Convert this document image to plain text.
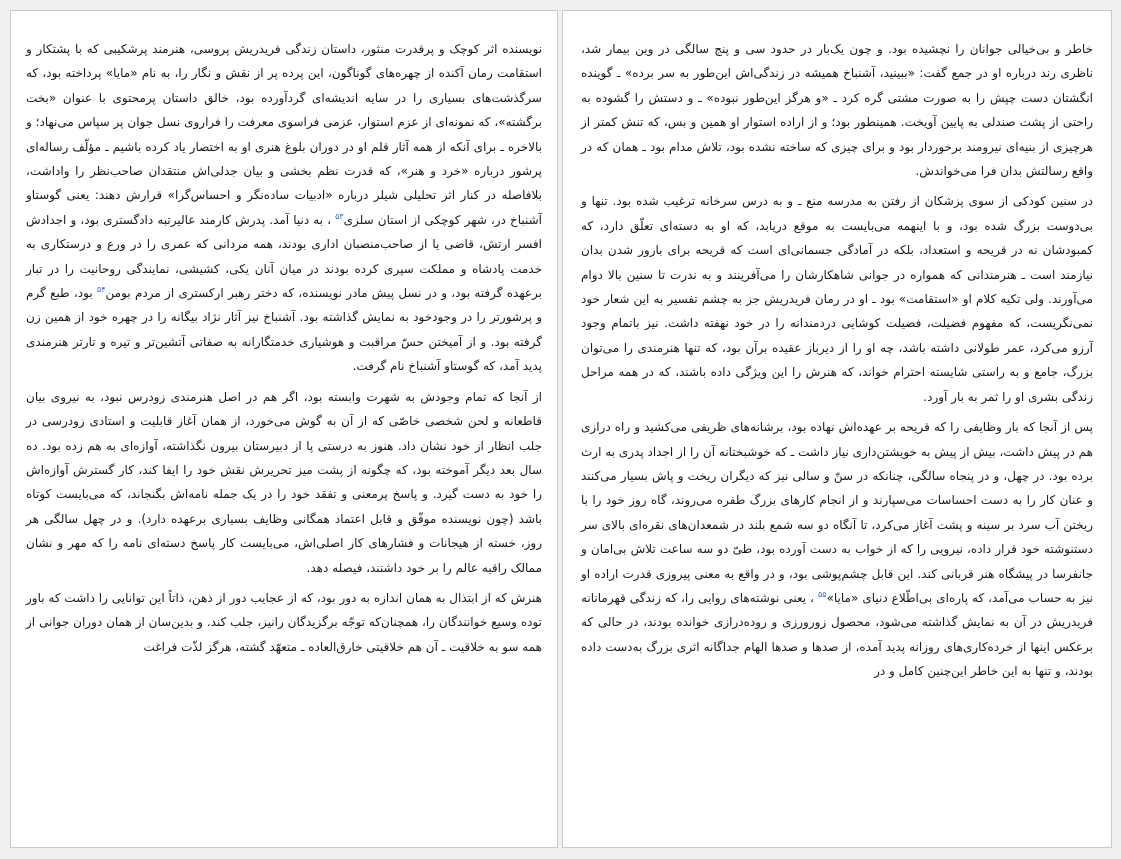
خاطر و بی‌خیالی جوانان را نچشیده بود. و چون یک‌بار در حدود سی و پنج سالگی در وین بیمار شد، ناظری رند درباره او در جمع گفت: «ببینید، آشنباخ همیشه در زندگی‌اش این‌طور به سر برده» ـ گوینده انگشتان دست چپش را به صورت مشتی گره کرد ـ «و هرگز این‌طور نبوده» ـ و دستش را گشوده به راحتی از پشت صندلی به پایین آویخت. همینطور بود؛ و از اراده استوار او همین و بس، که تنش کمتر از هرچیزی از بنیه‌ای نیرومند برخوردار بود و برای چیزی که ساخته نشده بود، تلاش مدام بود ـ همان که در واقع رسالتش بدان فرا می‌خواندش.

در سنین کودکی از سوی پزشکان از رفتن به مدرسه منع ـ و به درس سرخانه ترغیب شده بود. تنها و بی‌دوست بزرگ شده بود، و با اینهمه می‌بایست به موقع دریابد، که او به دسته‌ای تعلّق دارد، که کمبودشان نه در قریحه و استعداد، بلکه در آمادگی جسمانی‌ای است که قریحه برای بارور شدن بدان نیازمند است ـ هنرمندانی که همواره در جوانی شاهکارشان را می‌آفرینند و به ندرت تا سنین بالا دوام می‌آورند. ولی تکیه کلام او «استقامت» بود ـ او در رمان فریدریش جز به چشم تفسیر به این شعار خود نمی‌نگریست، که مفهوم فضیلت، فضیلت کوشایی دردمندانه را در خود نهفته داشت. نیز باتمام وجود آرزو می‌کرد، عمر طولانی داشته باشد، چه او را از دیرباز عقیده برآن بود، که تنها هنرمندی را می‌توان بزرگ، جامع و به راستی شایسته احترام خواند، که هنرش را این ویژگی داده باشند، که در همه مراحل زندگی بشری او را ثمر به بار آورد.

پس از آنجا که بار وظایفی را که قریحه بر عهده‌اش نهاده بود، برشانه‌های ظریفی می‌کشید و راه درازی هم در پیش داشت، بیش از پیش به خویشتن‌داری نیاز داشت ـ که خوشبختانه آن را از اجداد پدری به ارث برده بود. در چهل، و در پنجاه سالگی، چنانکه در سنّ و سالی نیز که دیگران ریخت و پاش بسیار می‌کنند و عنان کار را به دست احساسات می‌سپارند و از انجام کارهای بزرگ طفره می‌روند، گاه روز خود را با ریختن آب سرد بر سینه و پشت آغاز می‌کرد، تا آنگاه دو سه شمع بلند در شمعدان‌های نقره‌ای بالای سر دستنوشته خود قرار داده، نیرویی را که از خواب به دست آورده بود، طیّ دو سه ساعت تلاش بی‌امان و جانفرسا در پیشگاه هنر قربانی کند. این قابل چشم‌پوشی بود، و در واقع به معنی پیروزی قدرت اراده او نیز به حساب می‌آمد، که پاره‌ای بی‌اطّلاع دنیای «مایا»$^{۵۵}$ ، یعنی نوشته‌های روایی را، که زندگی قهرمانانه فریدریش در آن به نمایش گذاشته می‌شود، محصول زورورزی و روده‌درازی خوانده بودند، در حالی که برعکس اینها از خرده‌کاری‌های روزانه پدید آمده، از صدها و صدها الهام جداگانه اثری بزرگ به‌دست داده بودند، و تنها به این خاطر این‌چنین کامل و در

نویسنده اثر کوچک و پرقدرت منثور، داستان زندگی فریدریش پروسی، هنرمند پرشکیبی که با پشتکار و استقامت رمان آکنده از چهره‌های گوناگون، این پرده پر از نقش و نگار را، به نام «مایا» پرداخته بود، که سرگذشت‌های بسیاری را در سایه اندیشه‌ای گردآورده بود، خالق داستان پرمحتوی با عنوان «بخت برگشته»، که نمونه‌ای از عزم استوار، عزمی فراسوی معرفت را فراروی نسل جوان پر سپاس می‌نهاد؛ و بالاخره ـ برای آنکه از همه آثار قلم او در دوران بلوغ هنری او به اختصار یاد کرده باشیم ـ مؤلّف رساله‌ای پرشور درباره «خرد و هنر»، که قدرت نظم بخشی و بیان جدلی‌اش منتقدان صاحب‌نظر را واداشت، بلافاصله در کنار اثر تحلیلی شیلر درباره «ادبیات ساده‌نگر و احساس‌گرا» قرارش دهند: یعنی گوستاو آشنباخ در، شهر کوچکی از استان سلزی$^{۵۳}$ ، به دنیا آمد. پدرش کارمند عالیرتبه دادگستری بود، و اجدادش افسر ارتش، قاضی یا از صاحب‌منصبان اداری بودند، همه مردانی که عمری را در ورع و درستکاری به خدمت پادشاه و مملکت سپری کرده بودند در میان آنان یکی، کشیشی، نمایندگی روحانیت را در تبار برعهده گرفته بود، و در نسل پیش مادر نویسنده، که دختر رهبر ارکستری از مردم بومن$^{۵۴}$ بود، طبع گرم و پرشورتر را در وجودخود به نمایش گذاشته بود. آشنباخ نیز آثار نژاد بیگانه را در چهره خود از همین زن گرفته بود. و از آمیختن حسّ مراقبت و هوشیاری خدمتگارانه به صفاتی آتشین‌تر و تیره و تارتر هنرمندی پدید آمد، که گوستاو آشنباخ نام گرفت.

از آنجا که تمام وجودش به شهرت وابسته بود، اگر هم در اصل هنرمندی زودرس نبود، به نیروی بیان قاطعانه و لحن شخصی خاصّی که از آن به گوش می‌خورد، از همان آغاز قابلیت و استادی زودرسی در جلب انظار از خود نشان داد. هنوز به درستی پا از دبیرستان بیرون نگذاشته، آوازه‌ای به هم زده بود. ده سال بعد دیگر آموخته بود، که چگونه از پشت میز تحریرش نقش خود را ایفا کند، کار گسترش آوازه‌اش را خود به دست گیرد. و پاسخ پرمعنی و تفقد خود را در یک جمله نامه‌اش بگنجاند، که می‌بایست کوتاه باشد (چون نویسنده موفّق و قابل اعتماد همگانی وظایف بسیاری برعهده دارد). و در چهل سالگی هر روز، خسته از هیجانات و فشارهای کار اصلی‌اش، می‌بایست کار پاسخ دسته‌ای نامه را که مهر و نشان ممالک راقیه عالم را بر خود داشتند، فیصله دهد.

هنرش که از ابتذال به همان اندازه به دور بود، که از عجایب دور از ذهن، ذاتاً این توانایی را داشت که باور توده وسیع خوانندگان را، همچنان‌که توجّه برگزیدگان رانیز، جلب کند. و بدین‌سان از همان دوران جوانی از همه سو به خلاقیت ـ آن هم خلاقیتی خارق‌العاده ـ متعهّد گشته، هرگز لذّت فراغت
